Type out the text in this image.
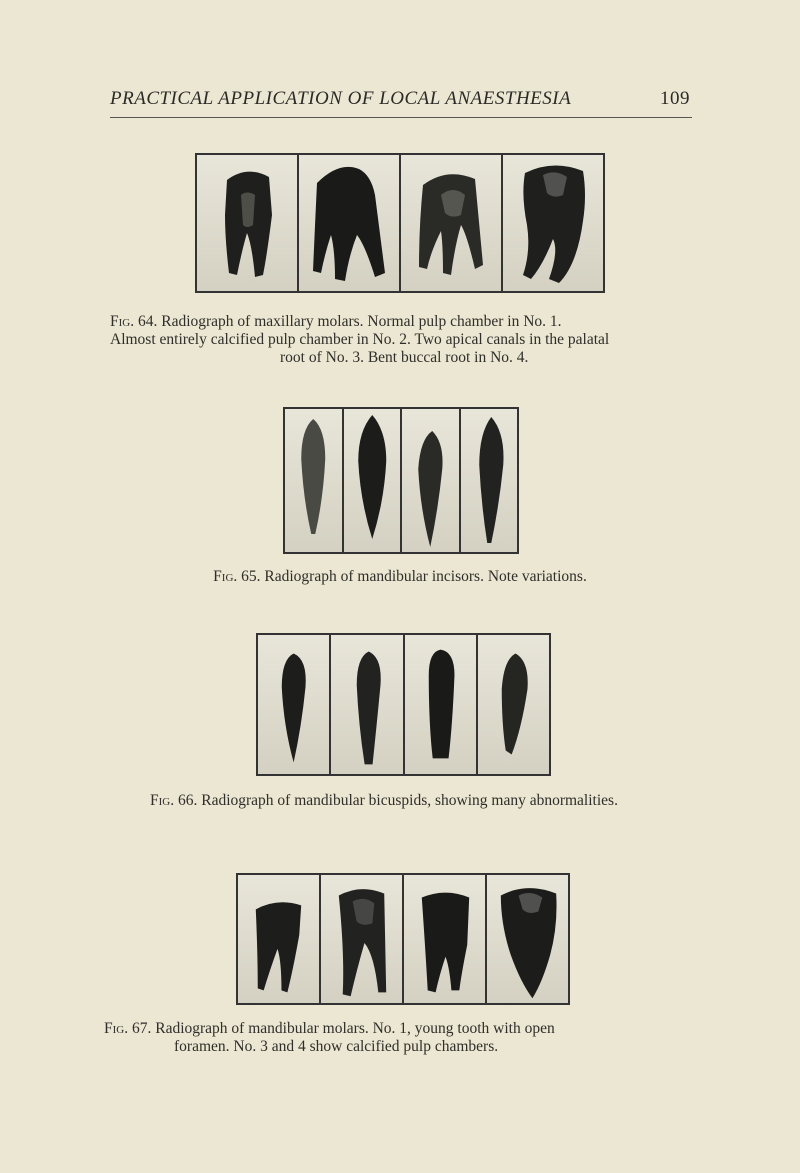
PRACTICAL APPLICATION OF LOCAL ANAESTHESIA	109
Fig. 64. Radiograph of maxillary molars. Normal pulp chamber in No. 1.
Almost entirely calcified pulp chamber in No. 2. Two apical canals in the palatal
root of No. 3. Bent buccal root in No. 4.
Fig. 65. Radiograph of mandibular incisors. Note variations.
Fig. 66. Radiograph of mandibular bicuspids, showing many abnormalities.
Fig. 67. Radiograph of mandibular molars. No. 1, young tooth with open
foramen. No. 3 and 4 show calcified pulp chambers.
